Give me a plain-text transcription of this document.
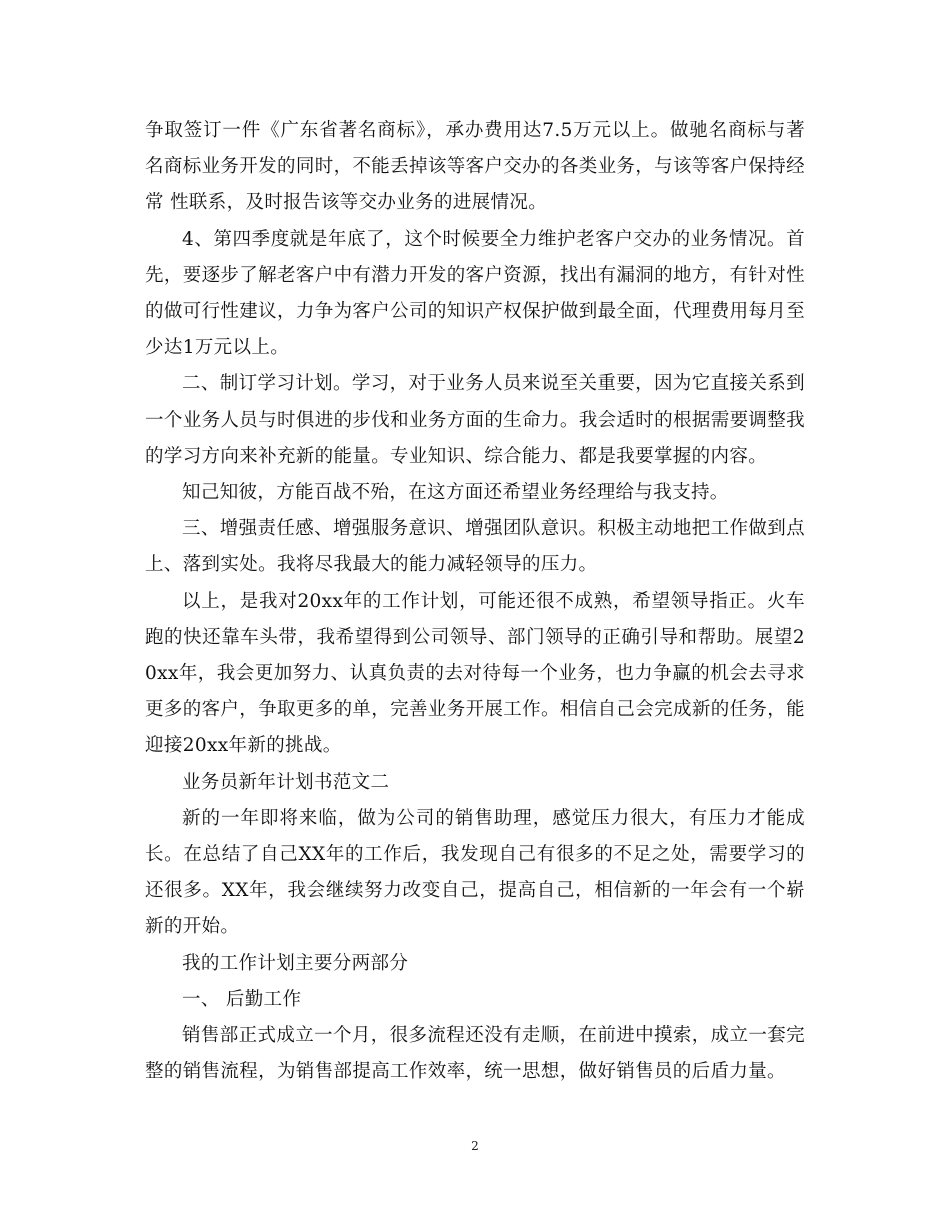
争取签订一件《广东省著名商标》，承办费用达7.5万元以上。做驰名商标与著名商标业务开发的同时，不能丢掉该等客户交办的各类业务，与该等客户保持经常 性联系，及时报告该等交办业务的进展情况。

4、第四季度就是年底了，这个时候要全力维护老客户交办的业务情况。首先，要逐步了解老客户中有潜力开发的客户资源，找出有漏洞的地方，有针对性的做可行性建议，力争为客户公司的知识产权保护做到最全面，代理费用每月至少达1万元以上。

二、制订学习计划。学习，对于业务人员来说至关重要，因为它直接关系到一个业务人员与时俱进的步伐和业务方面的生命力。我会适时的根据需要调整我的学习方向来补充新的能量。专业知识、综合能力、都是我要掌握的内容。

知己知彼，方能百战不殆，在这方面还希望业务经理给与我支持。

三、增强责任感、增强服务意识、增强团队意识。积极主动地把工作做到点上、落到实处。我将尽我最大的能力减轻领导的压力。

以上，是我对20xx年的工作计划，可能还很不成熟，希望领导指正。火车跑的快还靠车头带，我希望得到公司领导、部门领导的正确引导和帮助。展望20xx年，我会更加努力、认真负责的去对待每一个业务，也力争赢的机会去寻求更多的客户，争取更多的单，完善业务开展工作。相信自己会完成新的任务，能 迎接20xx年新的挑战。

业务员新年计划书范文二

新的一年即将来临，做为公司的销售助理，感觉压力很大，有压力才能成长。在总结了自己XX年的工作后，我发现自己有很多的不足之处，需要学习的还很多。XX年，我会继续努力改变自己，提高自己，相信新的一年会有一个崭新的开始。

我的工作计划主要分两部分

一、 后勤工作

销售部正式成立一个月，很多流程还没有走顺，在前进中摸索，成立一套完整的销售流程，为销售部提高工作效率，统一思想，做好销售员的后盾力量。

2
